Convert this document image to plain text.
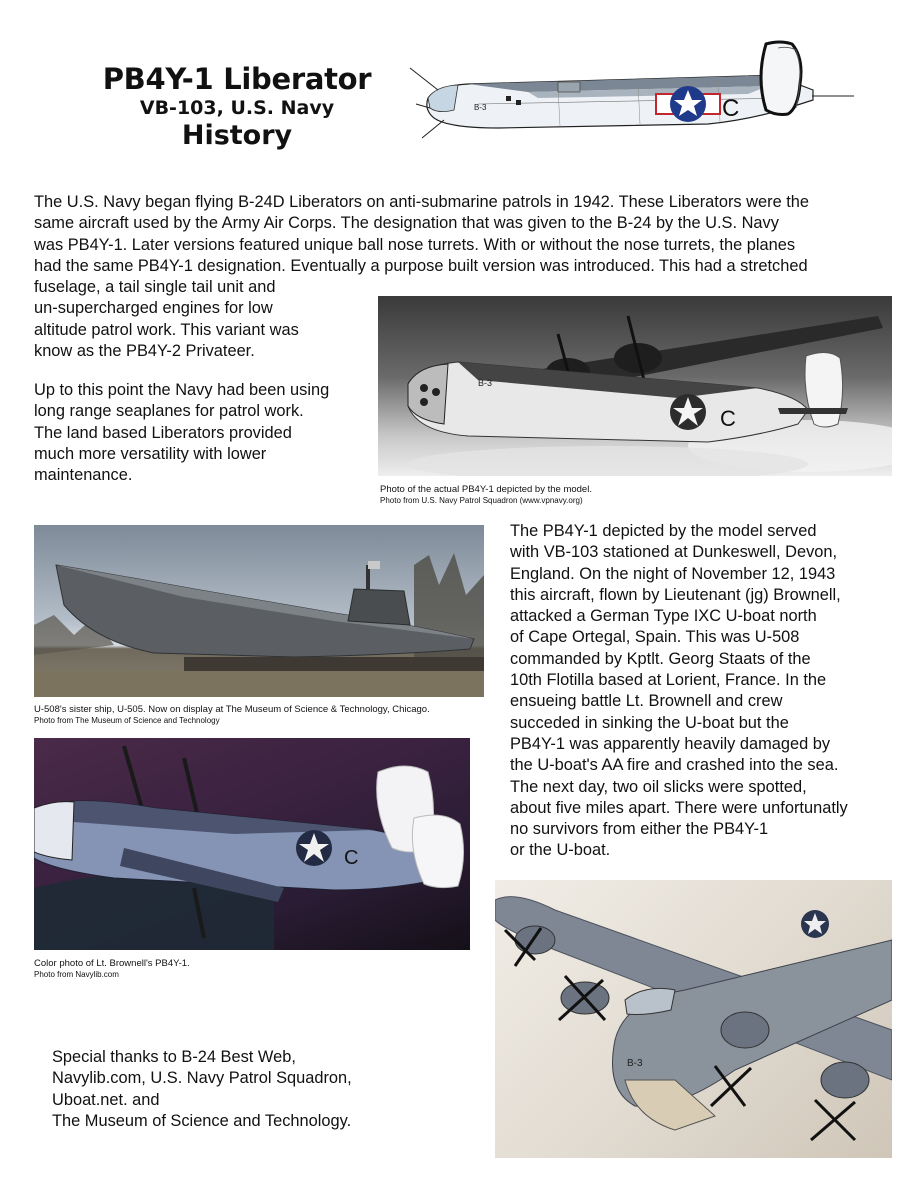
PB4Y-1 Liberator
VB-103, U.S. Navy
History
B-3	C
The U.S. Navy began flying B-24D Liberators on anti-submarine patrols in 1942. These Liberators were the
same aircraft used by the Army Air Corps. The designation that was given to the B-24 by the U.S. Navy
was PB4Y-1. Later versions featured unique ball nose turrets. With or without the nose turrets, the planes
had the same PB4Y-1 designation. Eventually a purpose built version was introduced. This had a stretched
fuselage, a tail single tail unit and
un-supercharged engines for low
altitude patrol work. This variant was
know as the PB4Y-2 Privateer.
Up to this point the Navy had been using
long range seaplanes for patrol work.
The land based Liberators provided
much more versatility with lower
maintenance.
B-3
C
Photo of the actual PB4Y-1 depicted by the model.
Photo from U.S. Navy Patrol Squadron (www.vpnavy.org)
U-508's sister ship, U-505. Now on display at The Museum of Science & Technology, Chicago.
Photo from The Museum of Science and Technology
C
Color photo of Lt. Brownell's PB4Y-1.
Photo from Navylib.com
The PB4Y-1 depicted by the model served
with VB-103 stationed at Dunkeswell, Devon,
England. On the night of November 12, 1943
this aircraft, flown by Lieutenant (jg) Brownell,
attacked a German Type IXC U-boat north
of Cape Ortegal, Spain. This was U-508
commanded by Kptlt. Georg Staats of the
10th Flotilla based at Lorient, France. In the
ensueing battle Lt. Brownell and crew
succeded in sinking the U-boat but the
PB4Y-1 was apparently heavily damaged by
the U-boat's AA fire and crashed into the sea.
The next day, two oil slicks were spotted,
about five miles apart. There were unfortunatly
no survivors from either the PB4Y-1
or the U-boat.
B-3
Special thanks to B-24 Best Web,
Navylib.com, U.S. Navy Patrol Squadron,
Uboat.net. and
The Museum of Science and Technology.
